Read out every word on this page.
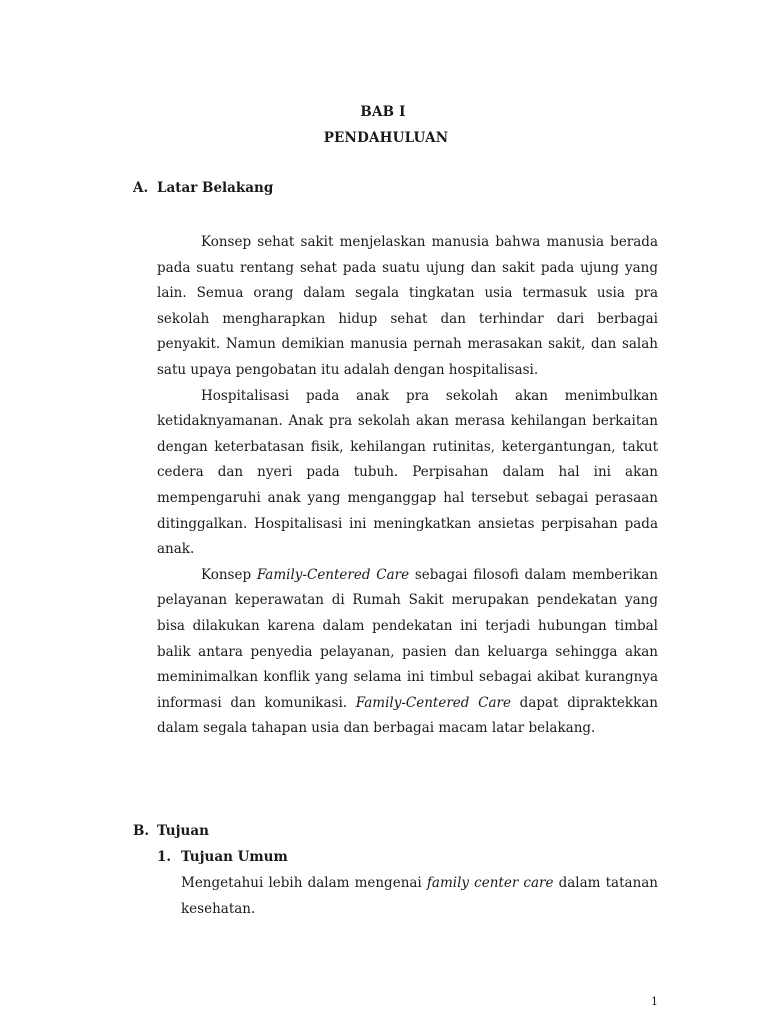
BAB I
PENDAHULUAN
A. Latar Belakang

Konsep sehat sakit menjelaskan manusia bahwa manusia berada pada suatu rentang sehat pada suatu ujung dan sakit pada ujung yang lain. Semua orang dalam segala tingkatan usia termasuk usia pra sekolah mengharapkan hidup sehat dan terhindar dari berbagai penyakit. Namun demikian manusia pernah merasakan sakit, dan salah satu upaya pengobatan itu adalah dengan hospitalisasi.

Hospitalisasi pada anak pra sekolah akan menimbulkan ketidaknyamanan. Anak pra sekolah akan merasa kehilangan berkaitan dengan keterbatasan fisik, kehilangan rutinitas, ketergantungan, takut cedera dan nyeri pada tubuh. Perpisahan dalam hal ini akan mempengaruhi anak yang menganggap hal tersebut sebagai perasaan ditinggalkan. Hospitalisasi ini meningkatkan ansietas perpisahan pada anak.

Konsep Family-Centered Care sebagai filosofi dalam memberikan pelayanan keperawatan di Rumah Sakit merupakan pendekatan yang bisa dilakukan karena dalam pendekatan ini terjadi hubungan timbal balik antara penyedia pelayanan, pasien dan keluarga sehingga akan meminimalkan konflik yang selama ini timbul sebagai akibat kurangnya informasi dan komunikasi. Family-Centered Care dapat dipraktekkan dalam segala tahapan usia dan berbagai macam latar belakang.

B. Tujuan
1. Tujuan Umum

Mengetahui lebih dalam mengenai family center care dalam tatanan kesehatan.

1
